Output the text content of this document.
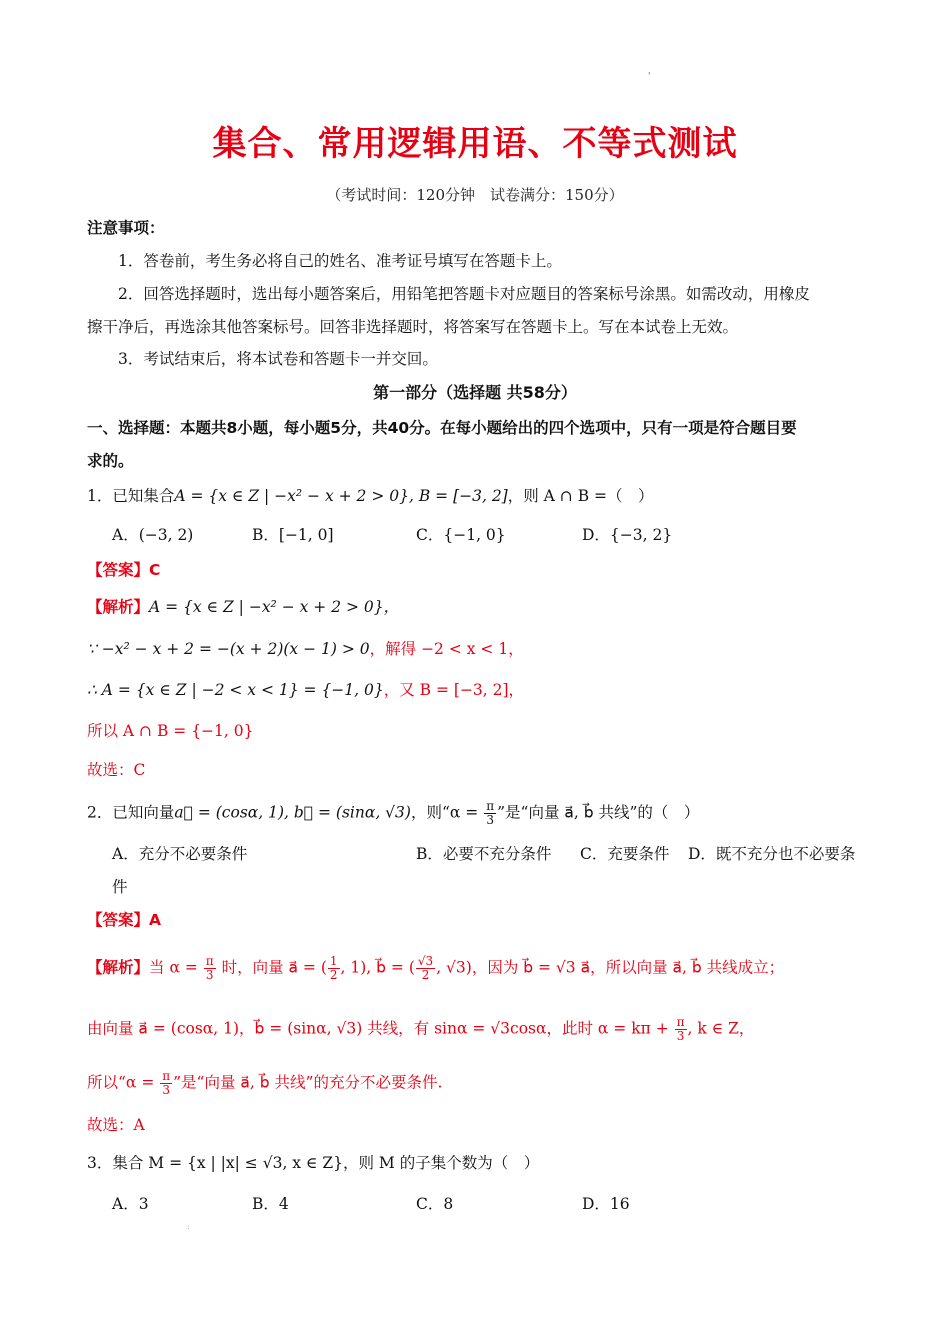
'
集合、常用逻辑用语、不等式测试
（考试时间：120分钟　试卷满分：150分）
注意事项：
1．答卷前，考生务必将自己的姓名、准考证号填写在答题卡上。
2．回答选择题时，选出每小题答案后，用铅笔把答题卡对应题目的答案标号涂黑。如需改动，用橡皮
擦干净后，再选涂其他答案标号。回答非选择题时，将答案写在答题卡上。写在本试卷上无效。
3．考试结束后，将本试卷和答题卡一并交回。
第一部分（选择题 共58分）
一、选择题：本题共8小题，每小题5分，共40分。在每小题给出的四个选项中，只有一项是符合题目要
求的。
1．已知集合A = {x ∈ Z | −x² − x + 2 > 0}, B = [−3, 2]，则 A ∩ B =（　）
A．(−3, 2)	B．[−1, 0]	C．{−1, 0}	D．{−3, 2}
【答案】C
【解析】A = {x ∈ Z | −x² − x + 2 > 0}，
∵ −x² − x + 2 = −(x + 2)(x − 1) > 0，解得 −2 < x < 1，
∴ A = {x ∈ Z | −2 < x < 1} = {−1, 0}，又 B = [−3, 2]，
所以 A ∩ B = {−1, 0}
故选：C
2．已知向量a⃗ = (cosα, 1), b⃗ = (sinα, √3)，则“$\alpha = \frac{\pi}{3}$ ”是“向量 a⃗, b⃗ 共线”的（　）
A．充分不必要条件	B．必要不充分条件 C．充要条件 D．既不充分也不必要条
件
【答案】A
【解析】当 $\alpha = \frac{\pi}{3}$ 时，向量 a⃗ = ( $\frac{1}{2}$ , 1), b⃗ = ( $\frac{√3}{2}$ , √3)，因为 b⃗ = √3 a⃗，所以向量 a⃗, b⃗ 共线成立；
由向量 a⃗ = (cosα, 1)，b⃗ = (sinα, √3) 共线，有 sinα = √3cosα，此时 $\alpha = k\pi + \frac{\pi}{3}$ , k ∈ Z，
所以“$\alpha = \frac{\pi}{3}$ ”是“向量 a⃗, b⃗ 共线”的充分不必要条件.
故选：A
3．集合 M = {x | |x| ≤ √3, x ∈ Z}，则 M 的子集个数为（　）
A．3	B．4	C．8	D．16
:
